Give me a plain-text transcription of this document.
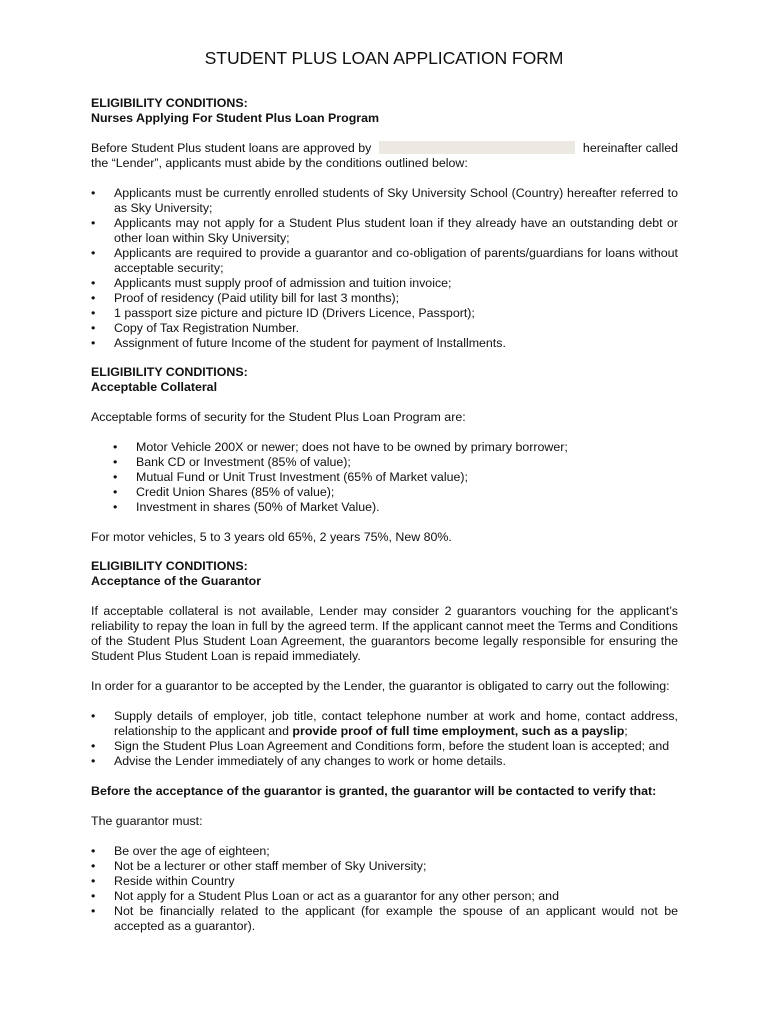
STUDENT PLUS LOAN APPLICATION FORM

ELIGIBILITY CONDITIONS:

Nurses Applying For Student Plus Loan Program

Before Student Plus student loans are approved by	hereinafter called

the “Lender”, applicants must abide by the conditions outlined below:

• Applicants must be currently enrolled students of Sky University School (Country) hereafter referred to as Sky University;
• Applicants may not apply for a Student Plus student loan if they already have an outstanding debt or other loan within Sky University;
• Applicants are required to provide a guarantor and co-obligation of parents/guardians for loans without acceptable security;
• Applicants must supply proof of admission and tuition invoice;
• Proof of residency (Paid utility bill for last 3 months);
• 1 passport size picture and picture ID (Drivers Licence, Passport);
• Copy of Tax Registration Number.
• Assignment of future Income of the student for payment of Installments.

ELIGIBILITY CONDITIONS:

Acceptable Collateral

Acceptable forms of security for the Student Plus Loan Program are:

• Motor Vehicle 200X or newer; does not have to be owned by primary borrower;
• Bank CD or Investment (85% of value);
• Mutual Fund or Unit Trust Investment (65% of Market value);
• Credit Union Shares (85% of value);
• Investment in shares (50% of Market Value).

For motor vehicles, 5 to 3 years old 65%, 2 years 75%, New 80%.

ELIGIBILITY CONDITIONS:

Acceptance of the Guarantor

If acceptable collateral is not available, Lender may consider 2 guarantors vouching for the applicant’s reliability to repay the loan in full by the agreed term. If the applicant cannot meet the Terms and Conditions of the Student Plus Student Loan Agreement, the guarantors become legally responsible for ensuring the Student Plus Student Loan is repaid immediately.

In order for a guarantor to be accepted by the Lender, the guarantor is obligated to carry out the following:

• Supply details of employer, job title, contact telephone number at work and home, contact address, relationship to the applicant and provide proof of full time employment, such as a payslip;
• Sign the Student Plus Loan Agreement and Conditions form, before the student loan is accepted; and
• Advise the Lender immediately of any changes to work or home details.

Before the acceptance of the guarantor is granted, the guarantor will be contacted to verify that:

The guarantor must:

• Be over the age of eighteen;
• Not be a lecturer or other staff member of Sky University;
• Reside within Country
• Not apply for a Student Plus Loan or act as a guarantor for any other person; and
• Not be financially related to the applicant (for example the spouse of an applicant would not be accepted as a guarantor).
